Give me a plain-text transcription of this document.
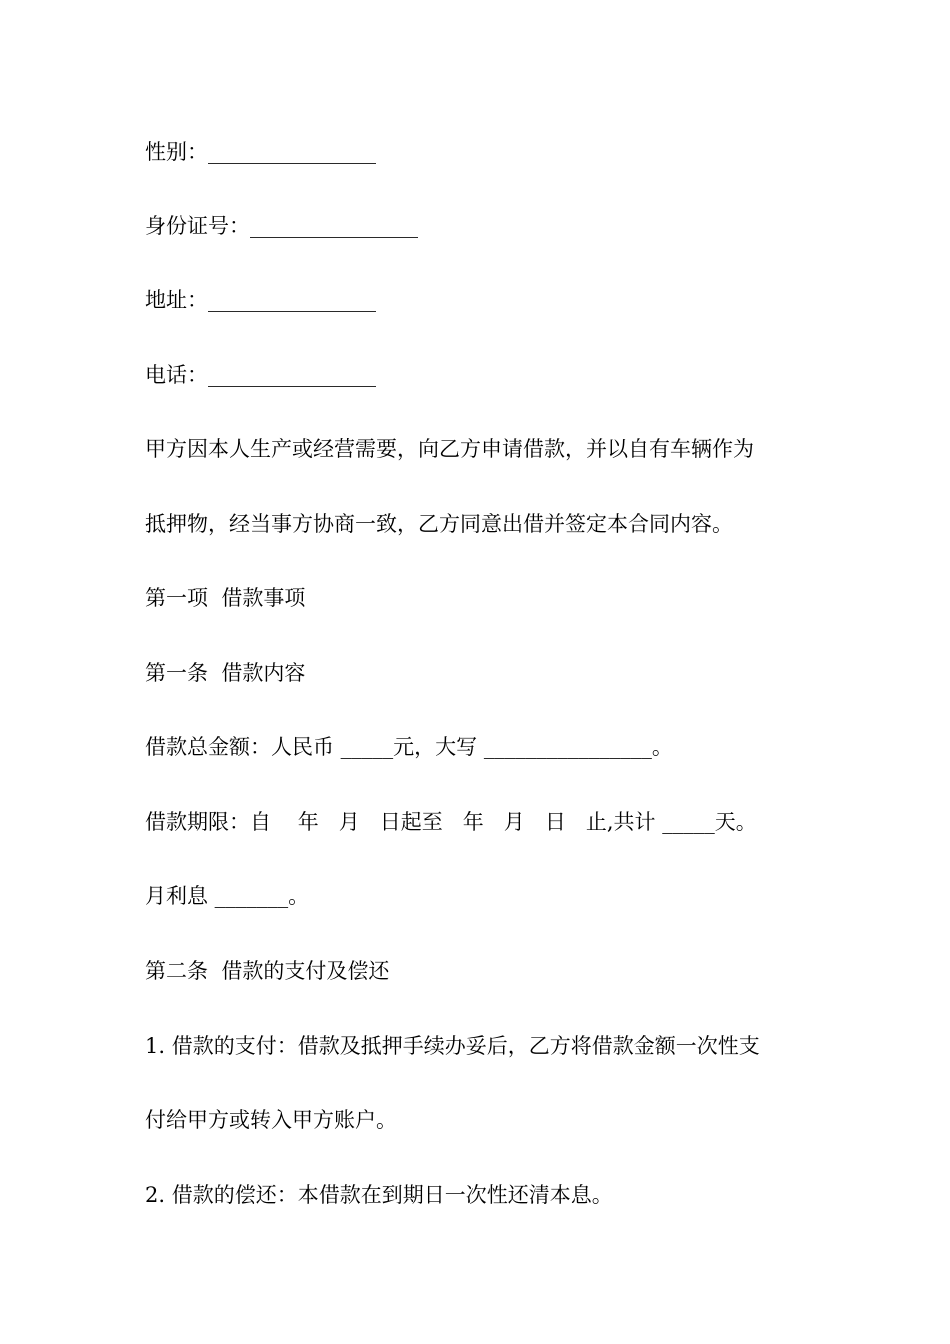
性别：________________
身份证号：________________
地址：________________
电话：________________
甲方因本人生产或经营需要，向乙方申请借款，并以自有车辆作为
抵押物，经当事方协商一致，乙方同意出借并签定本合同内容。
第一项  借款事项
第一条  借款内容
借款总金额：人民币 _____元，大写 ________________。
借款期限：自    年   月   日起至   年   月   日   止,共计 _____天。
月利息 _______。
第二条  借款的支付及偿还
1. 借款的支付：借款及抵押手续办妥后，乙方将借款金额一次性支
付给甲方或转入甲方账户。
2. 借款的偿还：本借款在到期日一次性还清本息。
